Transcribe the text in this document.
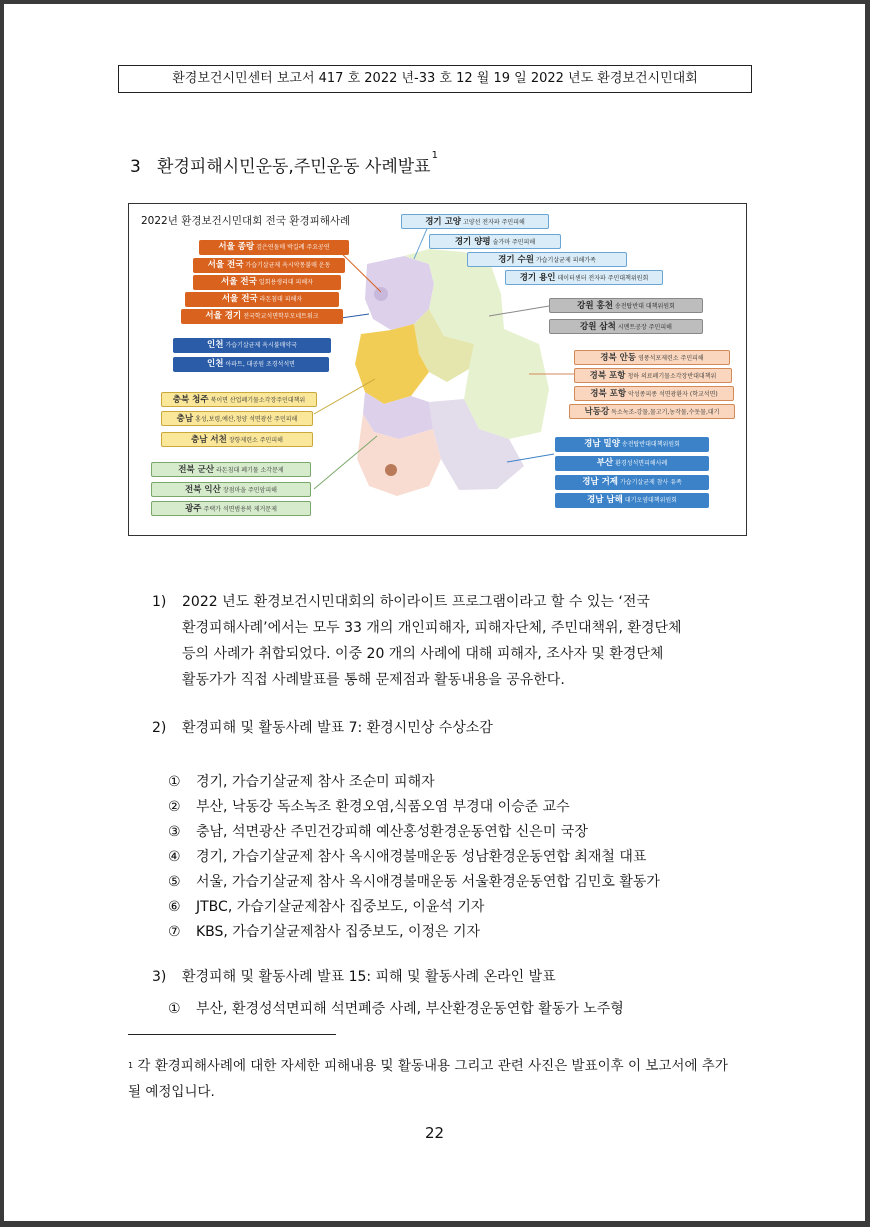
환경보건시민센터 보고서 417 호 2022 년-33 호 12 월 19 일 2022 년도 환경보건시민대회
3 환경피해시민운동,주민운동 사례발표$^1$
2022년 환경보건시민대회 전국 환경피해사례
서울 종랑 검은연돌매 박길례 주요공연
서울 전국 가습기살균제 옥시악몽불매 운동
서울 전국 일회용생리대 피해자
서울 전국 라돈침대 피해자
서울 경기 전국학교석면학부모네트워크
인천 가습기살균제 옥시불매약국
인천 아파트, 대공원 조경석석면
충북 청주 북이면 산업폐기물소각장주민대책위
충남 홍성,보령,예산,청양 석면광산 주민피해
충남 서천 장항제련소 주민피해
전북 군산 라돈침대 폐기물 소각문제
전북 익산 장점마을 주민암피해
광주 주택가 석면범용복 제거문제
경기 고양 고양선 전자파 주민피해
경기 양평 술가마 주민피해
경기 수원 가습기살균제 피해가족
경기 용인 데이터센터 전자파 주민대책위원회
강원 홍천 송전탑반대 대책위원회
강원 삼척 시멘트공장 주민피해
경북 안동 영풍석포제련소 주민피해
경북 포항 청하 의료폐기물소각장반대대책위
경북 포항 악성종피종 석면광환자 (학교석면)
낙동강 독소녹조-강물,물고기,농작물,수돗물,대기
경남 밀양 송전탑반대대책위원회
부산 환경성석면피해사례
경남 거제 가습기살균제 참사 유족
경남 남해 대기오염대책위원회
1) 2022 년도 환경보건시민대회의 하이라이트 프로그램이라고 할 수 있는 ‘전국
환경피해사례’에서는 모두 33 개의 개인피해자, 피해자단체, 주민대책위, 환경단체
등의 사례가 취합되었다. 이중 20 개의 사례에 대해 피해자, 조사자 및 환경단체
활동가가 직접 사례발표를 통해 문제점과 활동내용을 공유한다.
2) 환경피해 및 활동사례 발표 7: 환경시민상 수상소감
① 경기, 가습기살균제 참사 조순미 피해자
② 부산, 낙동강 독소녹조 환경오염,식품오염 부경대 이승준 교수
③ 충남, 석면광산 주민건강피해 예산홍성환경운동연합 신은미 국장
④ 경기, 가습기살균제 참사 옥시애경불매운동 성남환경운동연합 최재철 대표
⑤ 서울, 가습기살균제 참사 옥시애경불매운동 서울환경운동연합 김민호 활동가
⑥ JTBC, 가습기살균제참사 집중보도, 이윤석 기자
⑦ KBS, 가습기살균제참사 집중보도, 이정은 기자
3) 환경피해 및 활동사례 발표 15: 피해 및 활동사례 온라인 발표
① 부산, 환경성석면피해 석면폐증 사례, 부산환경운동연합 활동가 노주형
$^1$ 각 환경피해사례에 대한 자세한 피해내용 및 활동내용 그리고 관련 사진은 발표이후 이 보고서에 추가될 예정입니다.
22
